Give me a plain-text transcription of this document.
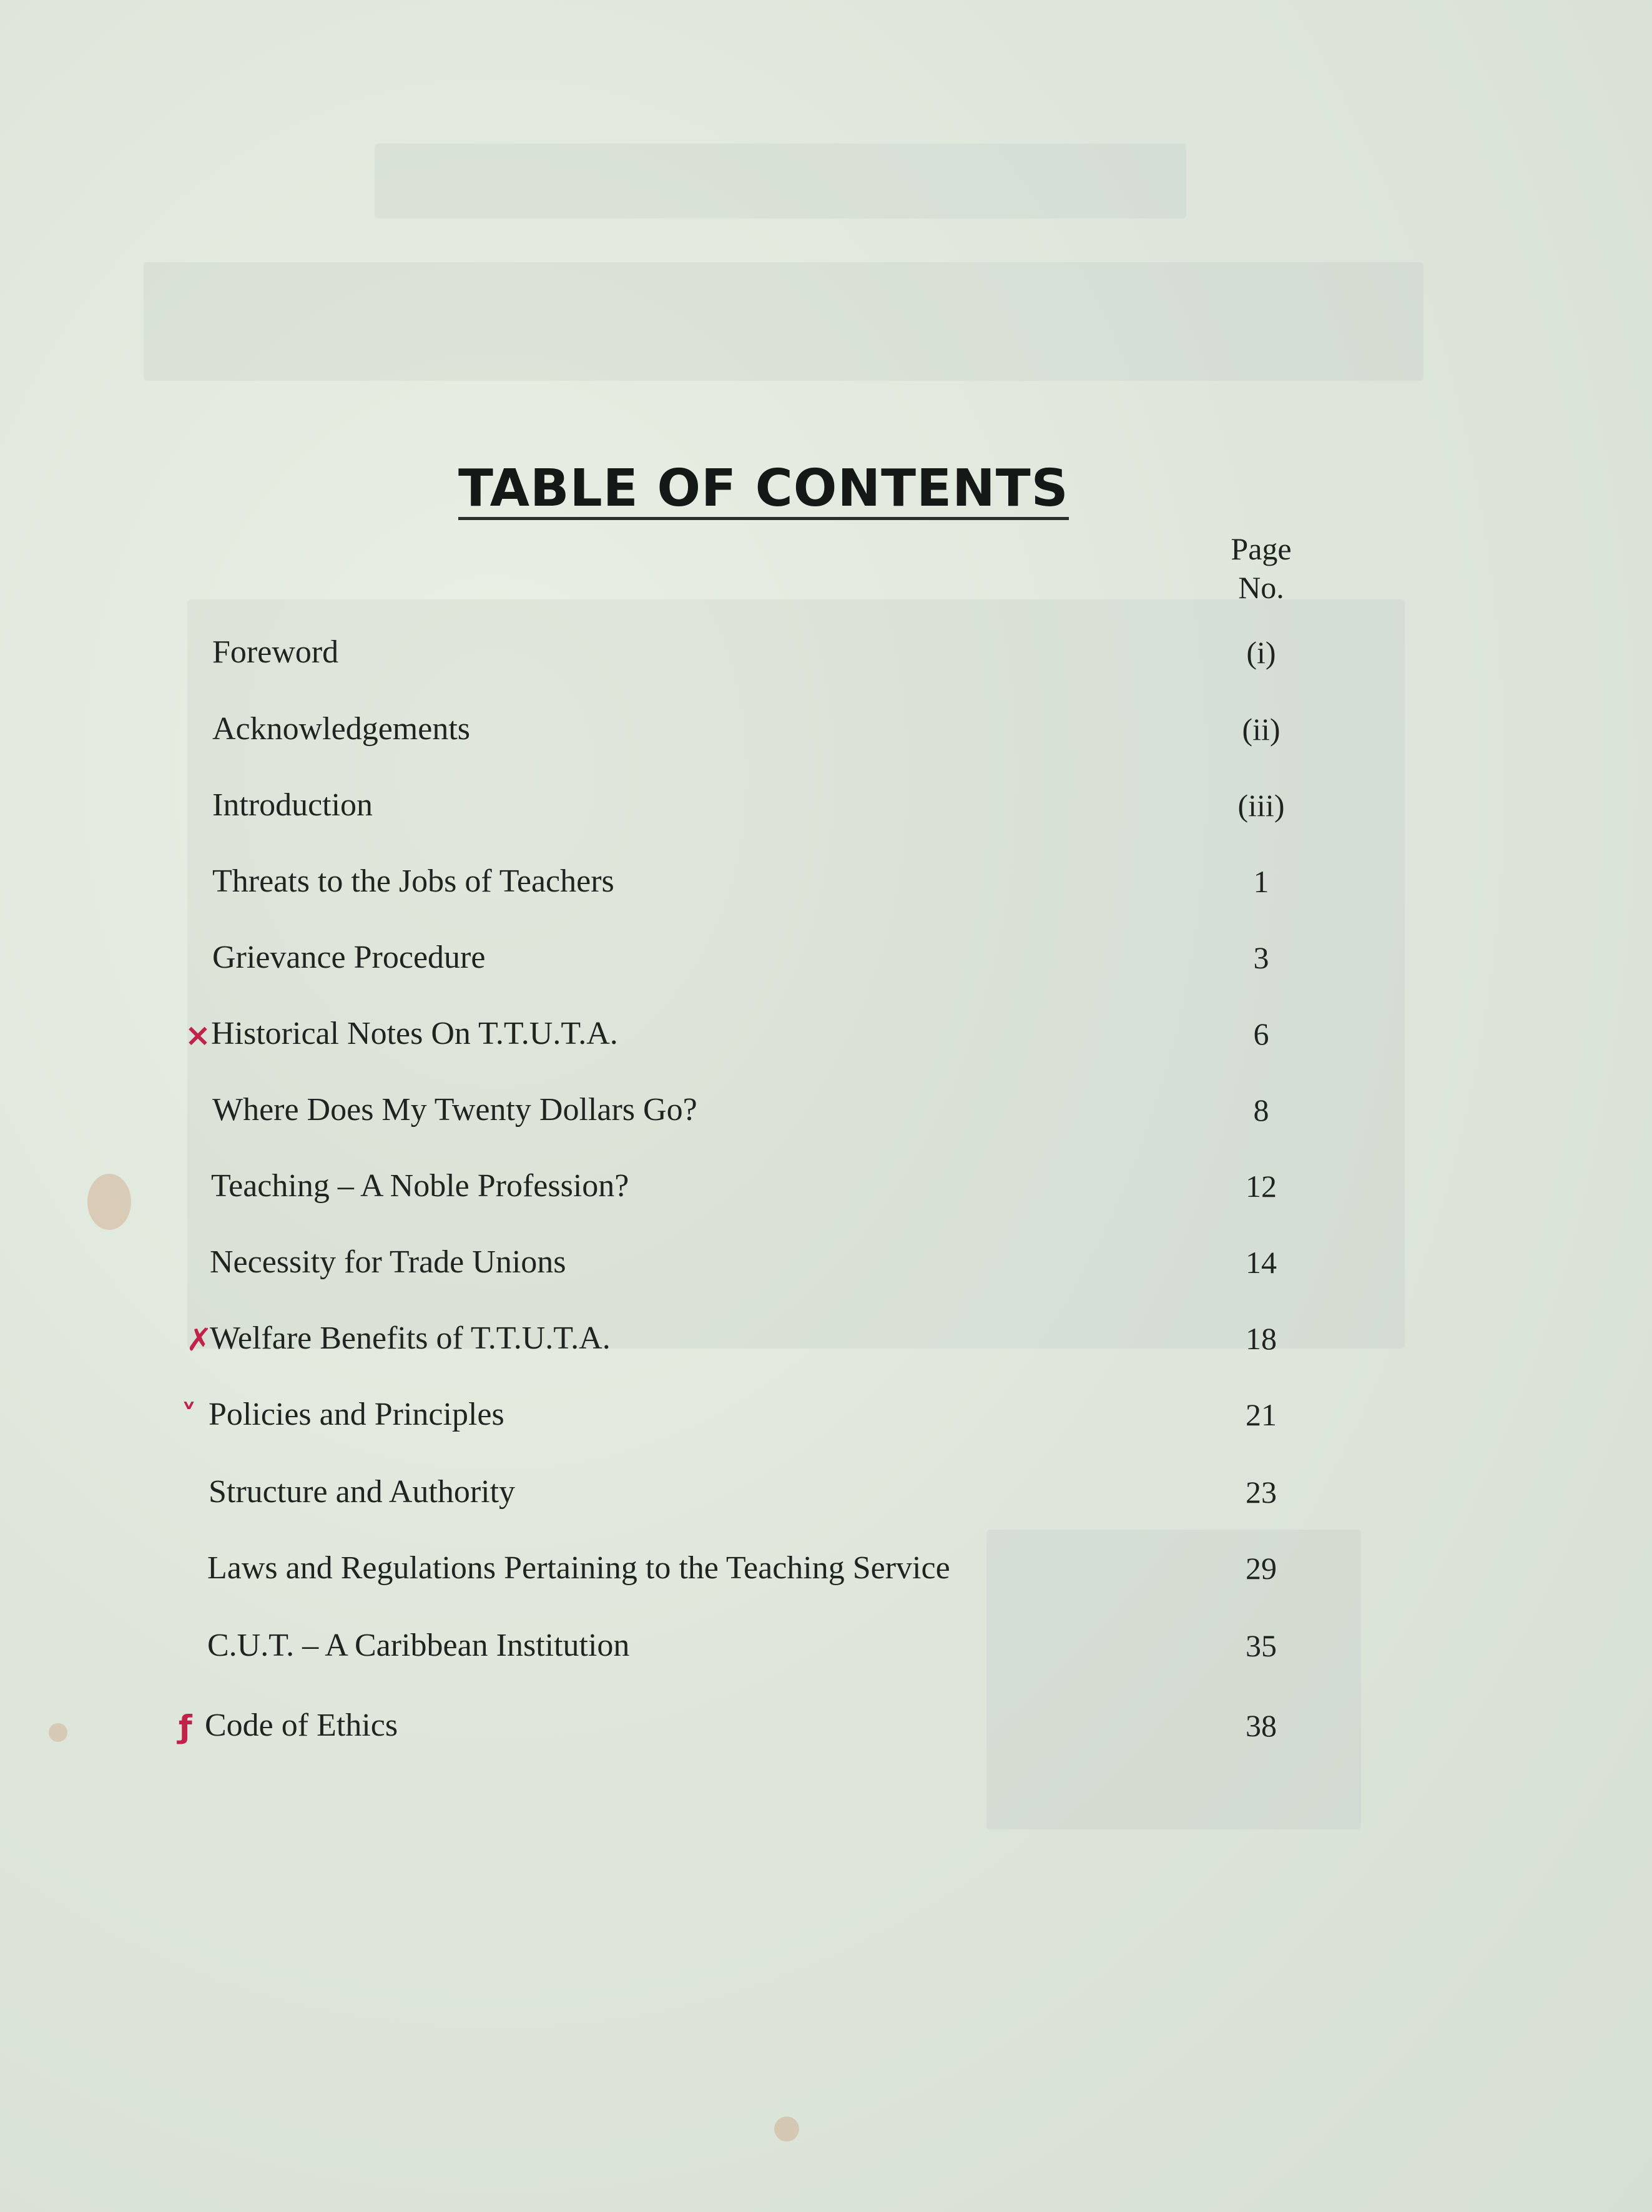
TABLE OF CONTENTS
Page
No.
Foreword	(i)
Acknowledgements	(ii)
Introduction	(iii)
Threats to the Jobs of Teachers	1
Grievance Procedure	3
× Historical Notes On T.T.U.T.A.	6
Where Does My Twenty Dollars Go?	8
Teaching – A Noble Profession?	12
Necessity for Trade Unions	14
✗
Welfare Benefits of T.T.U.T.A.	18
˅ Policies and Principles	21
Structure and Authority	23
Laws and Regulations Pertaining to the Teaching Service	29
C.U.T. – A Caribbean Institution	35
ƒ Code of Ethics	38
